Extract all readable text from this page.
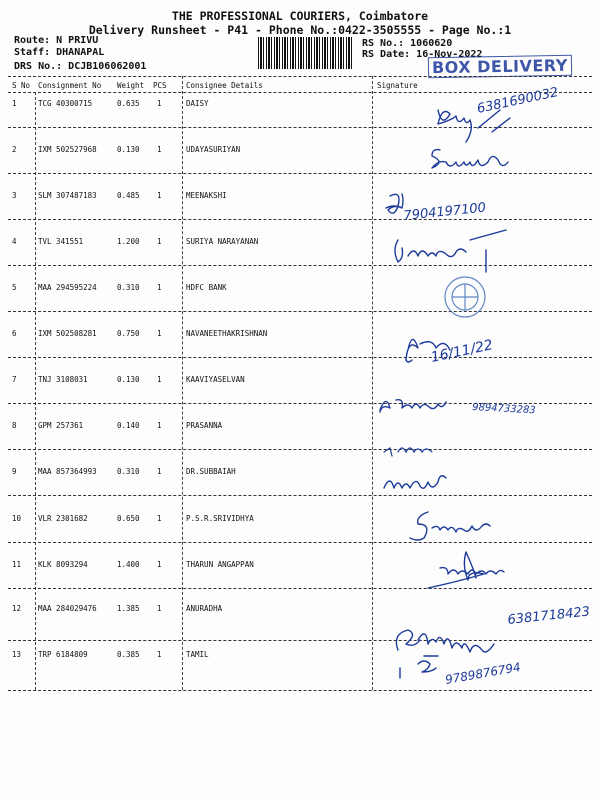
THE PROFESSIONAL COURIERS, Coimbatore
Delivery Runsheet - P41 - Phone No.:0422-3505555 - Page No.:1
Route: N PRIVU
Staff: DHANAPAL
DRS No.: DCJB106062001
RS No.: 1060620
RS Date: 16-Nov-2022
BOX DELIVERY
S No Consignment No Weight PCS	Consignee Details	Signature
1	TCG 40300715	0.635 1	DAISY
2	IXM 502527968	0.130 1	UDAYASURIYAN
3	SLM 307487183	0.485 1	MEENAKSHI
4	TVL 341551	1.200 1	SURIYA NARAYANAN
5	MAA 294595224	0.310 1	HDFC BANK
6	IXM 502508281	0.750 1	NAVANEETHAKRISHNAN
7	TNJ 3108031	0.130 1	KAAVIYASELVAN
8	GPM 257361	0.140 1	PRASANNA
9	MAA 857364993	0.310 1	DR.SUBBAIAH
10 VLR 2301682	0.650 1	P.S.R.SRIVIDHYA
11 KLK 8093294	1.400 1	THARUN ANGAPPAN
12 MAA 284029476	1.385 1	ANURADHA
13 TRP 6184809	0.385 1	TAMIL
6381690032
7904197100
16/11/22
9894733283
6381718423
9789876794
